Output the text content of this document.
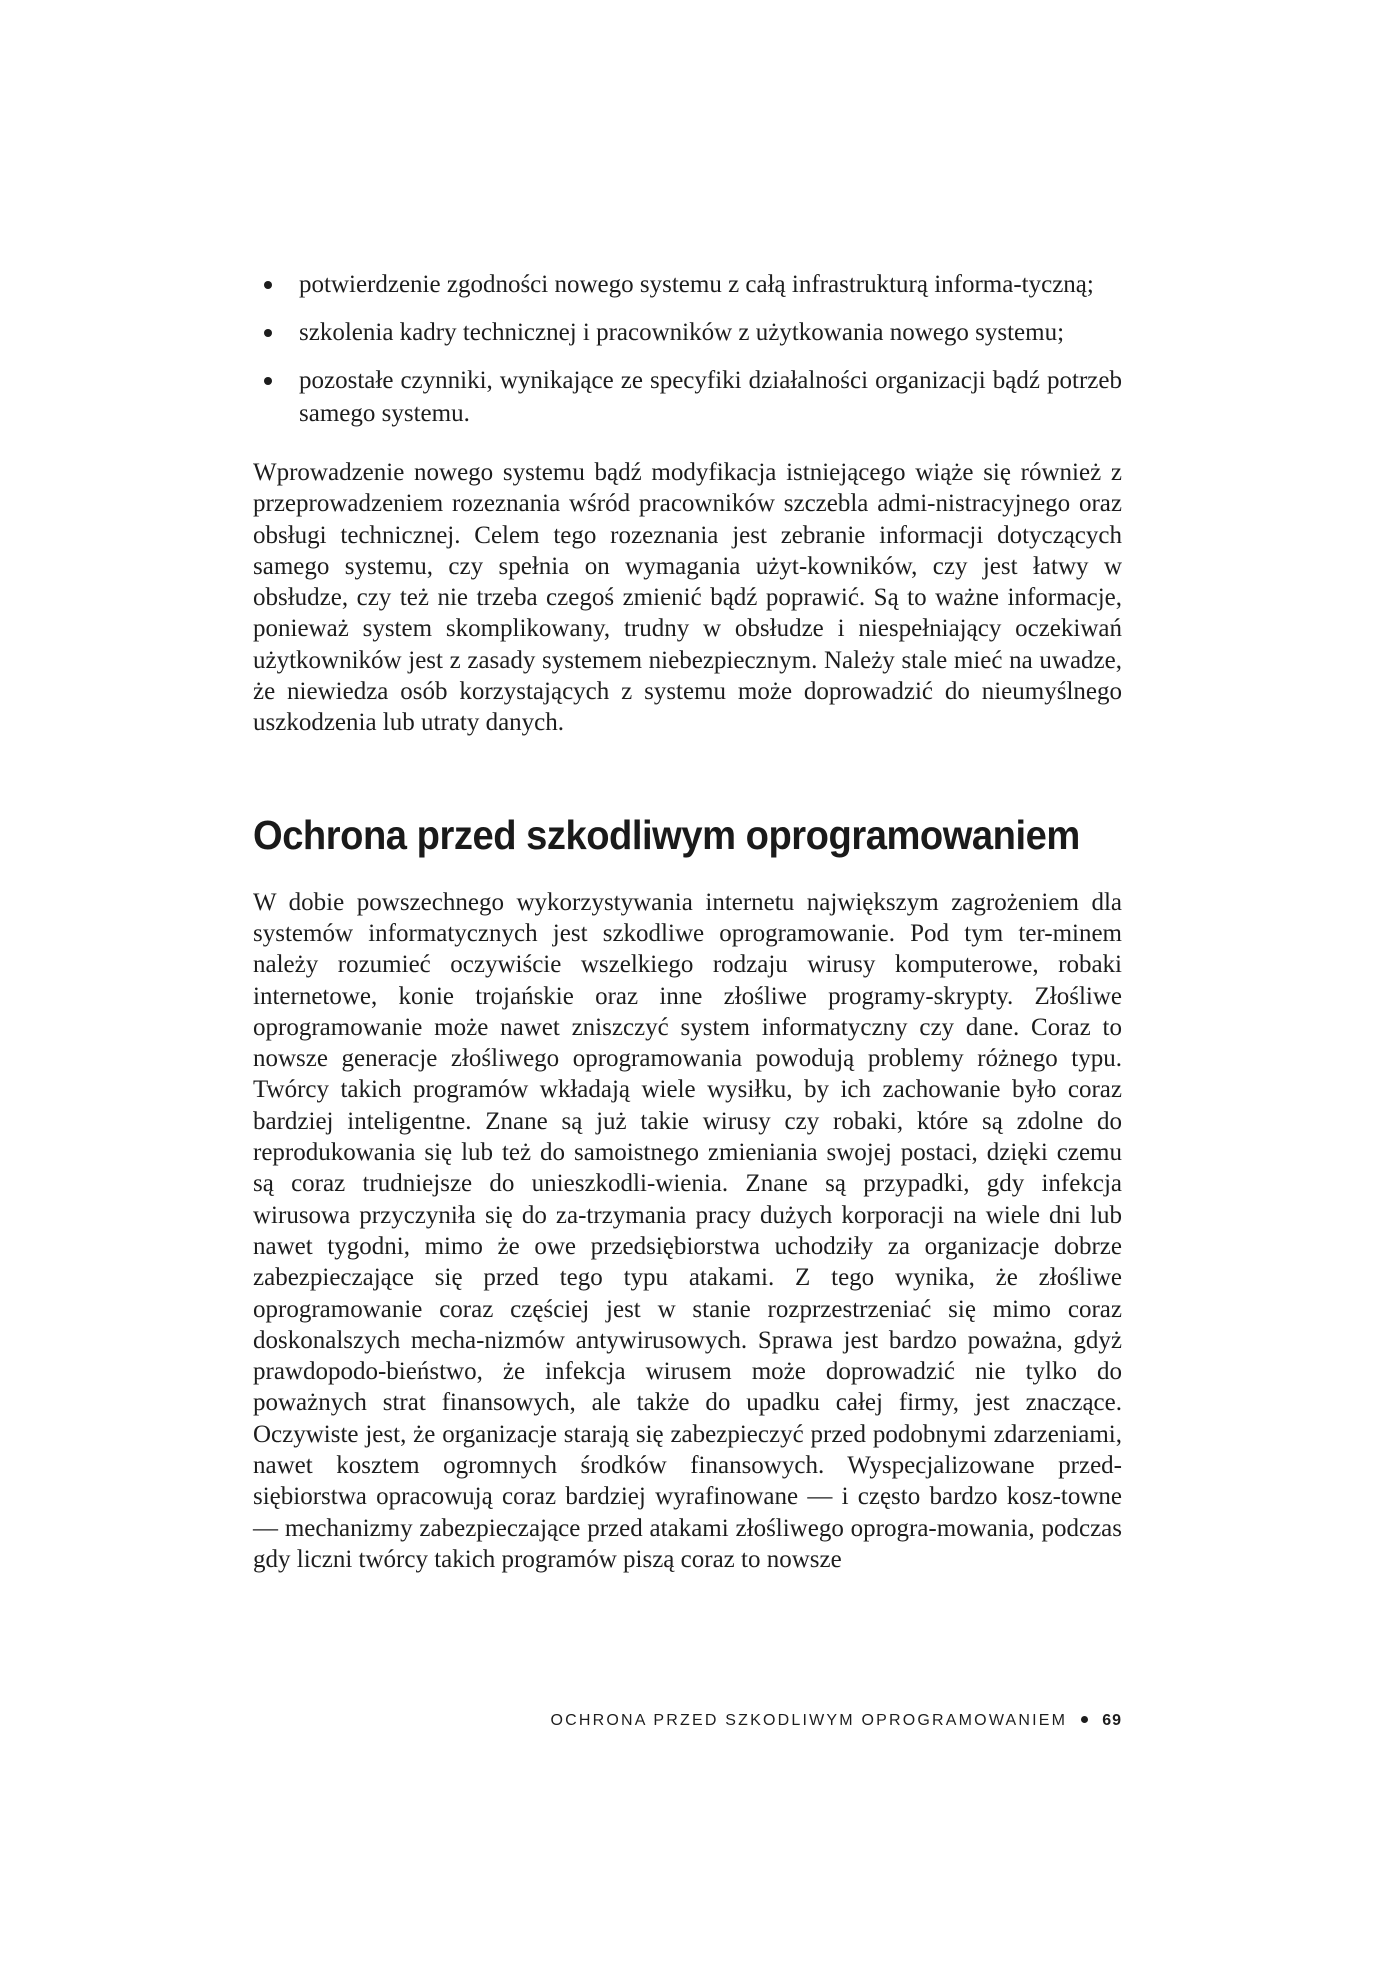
potwierdzenie zgodności nowego systemu z całą infrastrukturą informa-tyczną;
szkolenia kadry technicznej i pracowników z użytkowania nowego systemu;
pozostałe czynniki, wynikające ze specyfiki działalności organizacji bądź potrzeb samego systemu.

Wprowadzenie nowego systemu bądź modyfikacja istniejącego wiąże się również z przeprowadzeniem rozeznania wśród pracowników szczebla admi-nistracyjnego oraz obsługi technicznej. Celem tego rozeznania jest zebranie informacji dotyczących samego systemu, czy spełnia on wymagania użyt-kowników, czy jest łatwy w obsłudze, czy też nie trzeba czegoś zmienić bądź poprawić. Są to ważne informacje, ponieważ system skomplikowany, trudny w obsłudze i niespełniający oczekiwań użytkowników jest z zasady systemem niebezpiecznym. Należy stale mieć na uwadze, że niewiedza osób korzystających z systemu może doprowadzić do nieumyślnego uszkodzenia lub utraty danych.

Ochrona przed szkodliwym oprogramowaniem

W dobie powszechnego wykorzystywania internetu największym zagrożeniem dla systemów informatycznych jest szkodliwe oprogramowanie. Pod tym ter-minem należy rozumieć oczywiście wszelkiego rodzaju wirusy komputerowe, robaki internetowe, konie trojańskie oraz inne złośliwe programy-skrypty. Złośliwe oprogramowanie może nawet zniszczyć system informatyczny czy dane. Coraz to nowsze generacje złośliwego oprogramowania powodują problemy różnego typu. Twórcy takich programów wkładają wiele wysiłku, by ich zachowanie było coraz bardziej inteligentne. Znane są już takie wirusy czy robaki, które są zdolne do reprodukowania się lub też do samoistnego zmieniania swojej postaci, dzięki czemu są coraz trudniejsze do unieszkodli-wienia. Znane są przypadki, gdy infekcja wirusowa przyczyniła się do za-trzymania pracy dużych korporacji na wiele dni lub nawet tygodni, mimo że owe przedsiębiorstwa uchodziły za organizacje dobrze zabezpieczające się przed tego typu atakami. Z tego wynika, że złośliwe oprogramowanie coraz częściej jest w stanie rozprzestrzeniać się mimo coraz doskonalszych mecha-nizmów antywirusowych. Sprawa jest bardzo poważna, gdyż prawdopodo-bieństwo, że infekcja wirusem może doprowadzić nie tylko do poważnych strat finansowych, ale także do upadku całej firmy, jest znaczące. Oczywiste jest, że organizacje starają się zabezpieczyć przed podobnymi zdarzeniami, nawet kosztem ogromnych środków finansowych. Wyspecjalizowane przed-siębiorstwa opracowują coraz bardziej wyrafinowane — i często bardzo kosz-towne — mechanizmy zabezpieczające przed atakami złośliwego oprogra-mowania, podczas gdy liczni twórcy takich programów piszą coraz to nowsze

OCHRONA PRZED SZKODLIWYM OPROGRAMOWANIEM 69
